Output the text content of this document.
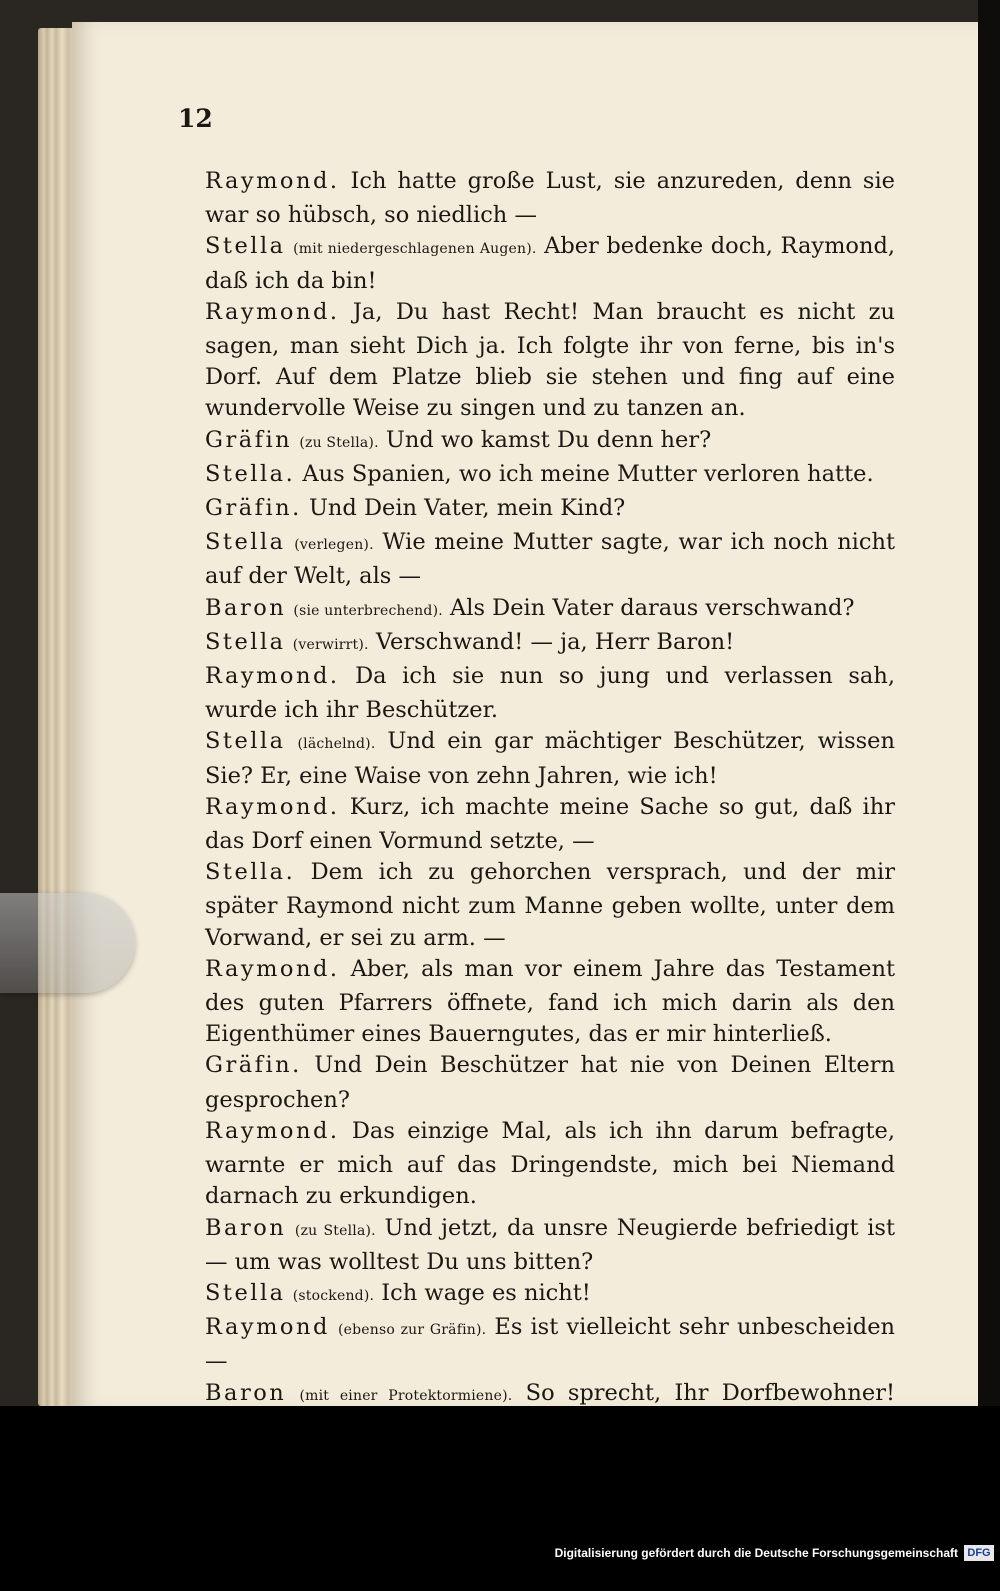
12

Raymond. Ich hatte große Lust, sie anzureden, denn sie war so hübsch, so niedlich —

Stella (mit niedergeschlagenen Augen). Aber bedenke doch, Raymond, daß ich da bin!

Raymond. Ja, Du hast Recht! Man braucht es nicht zu sagen, man sieht Dich ja. Ich folgte ihr von ferne, bis in's Dorf. Auf dem Platze blieb sie stehen und fing auf eine wundervolle Weise zu singen und zu tanzen an.

Gräfin (zu Stella). Und wo kamst Du denn her?

Stella. Aus Spanien, wo ich meine Mutter verloren hatte.

Gräfin. Und Dein Vater, mein Kind?

Stella (verlegen). Wie meine Mutter sagte, war ich noch nicht auf der Welt, als —

Baron (sie unterbrechend). Als Dein Vater daraus verschwand?

Stella (verwirrt). Verschwand! — ja, Herr Baron!

Raymond. Da ich sie nun so jung und verlassen sah, wurde ich ihr Beschützer.

Stella (lächelnd). Und ein gar mächtiger Beschützer, wissen Sie? Er, eine Waise von zehn Jahren, wie ich!

Raymond. Kurz, ich machte meine Sache so gut, daß ihr das Dorf einen Vormund setzte, —

Stella. Dem ich zu gehorchen versprach, und der mir später Raymond nicht zum Manne geben wollte, unter dem Vorwand, er sei zu arm. —

Raymond. Aber, als man vor einem Jahre das Testament des guten Pfarrers öffnete, fand ich mich darin als den Eigenthümer eines Bauerngutes, das er mir hinterließ.

Gräfin. Und Dein Beschützer hat nie von Deinen Eltern gesprochen?

Raymond. Das einzige Mal, als ich ihn darum befragte, warnte er mich auf das Dringendste, mich bei Niemand darnach zu erkundigen.

Baron (zu Stella). Und jetzt, da unsre Neugierde befriedigt ist — um was wolltest Du uns bitten?

Stella (stockend). Ich wage es nicht!

Raymond (ebenso zur Gräfin). Es ist vielleicht sehr unbescheiden —

Baron (mit einer Protektormiene). So sprecht, Ihr Dorfbewohner!

Digitalisierung gefördert durch die Deutsche Forschungsgemeinschaft DFG
